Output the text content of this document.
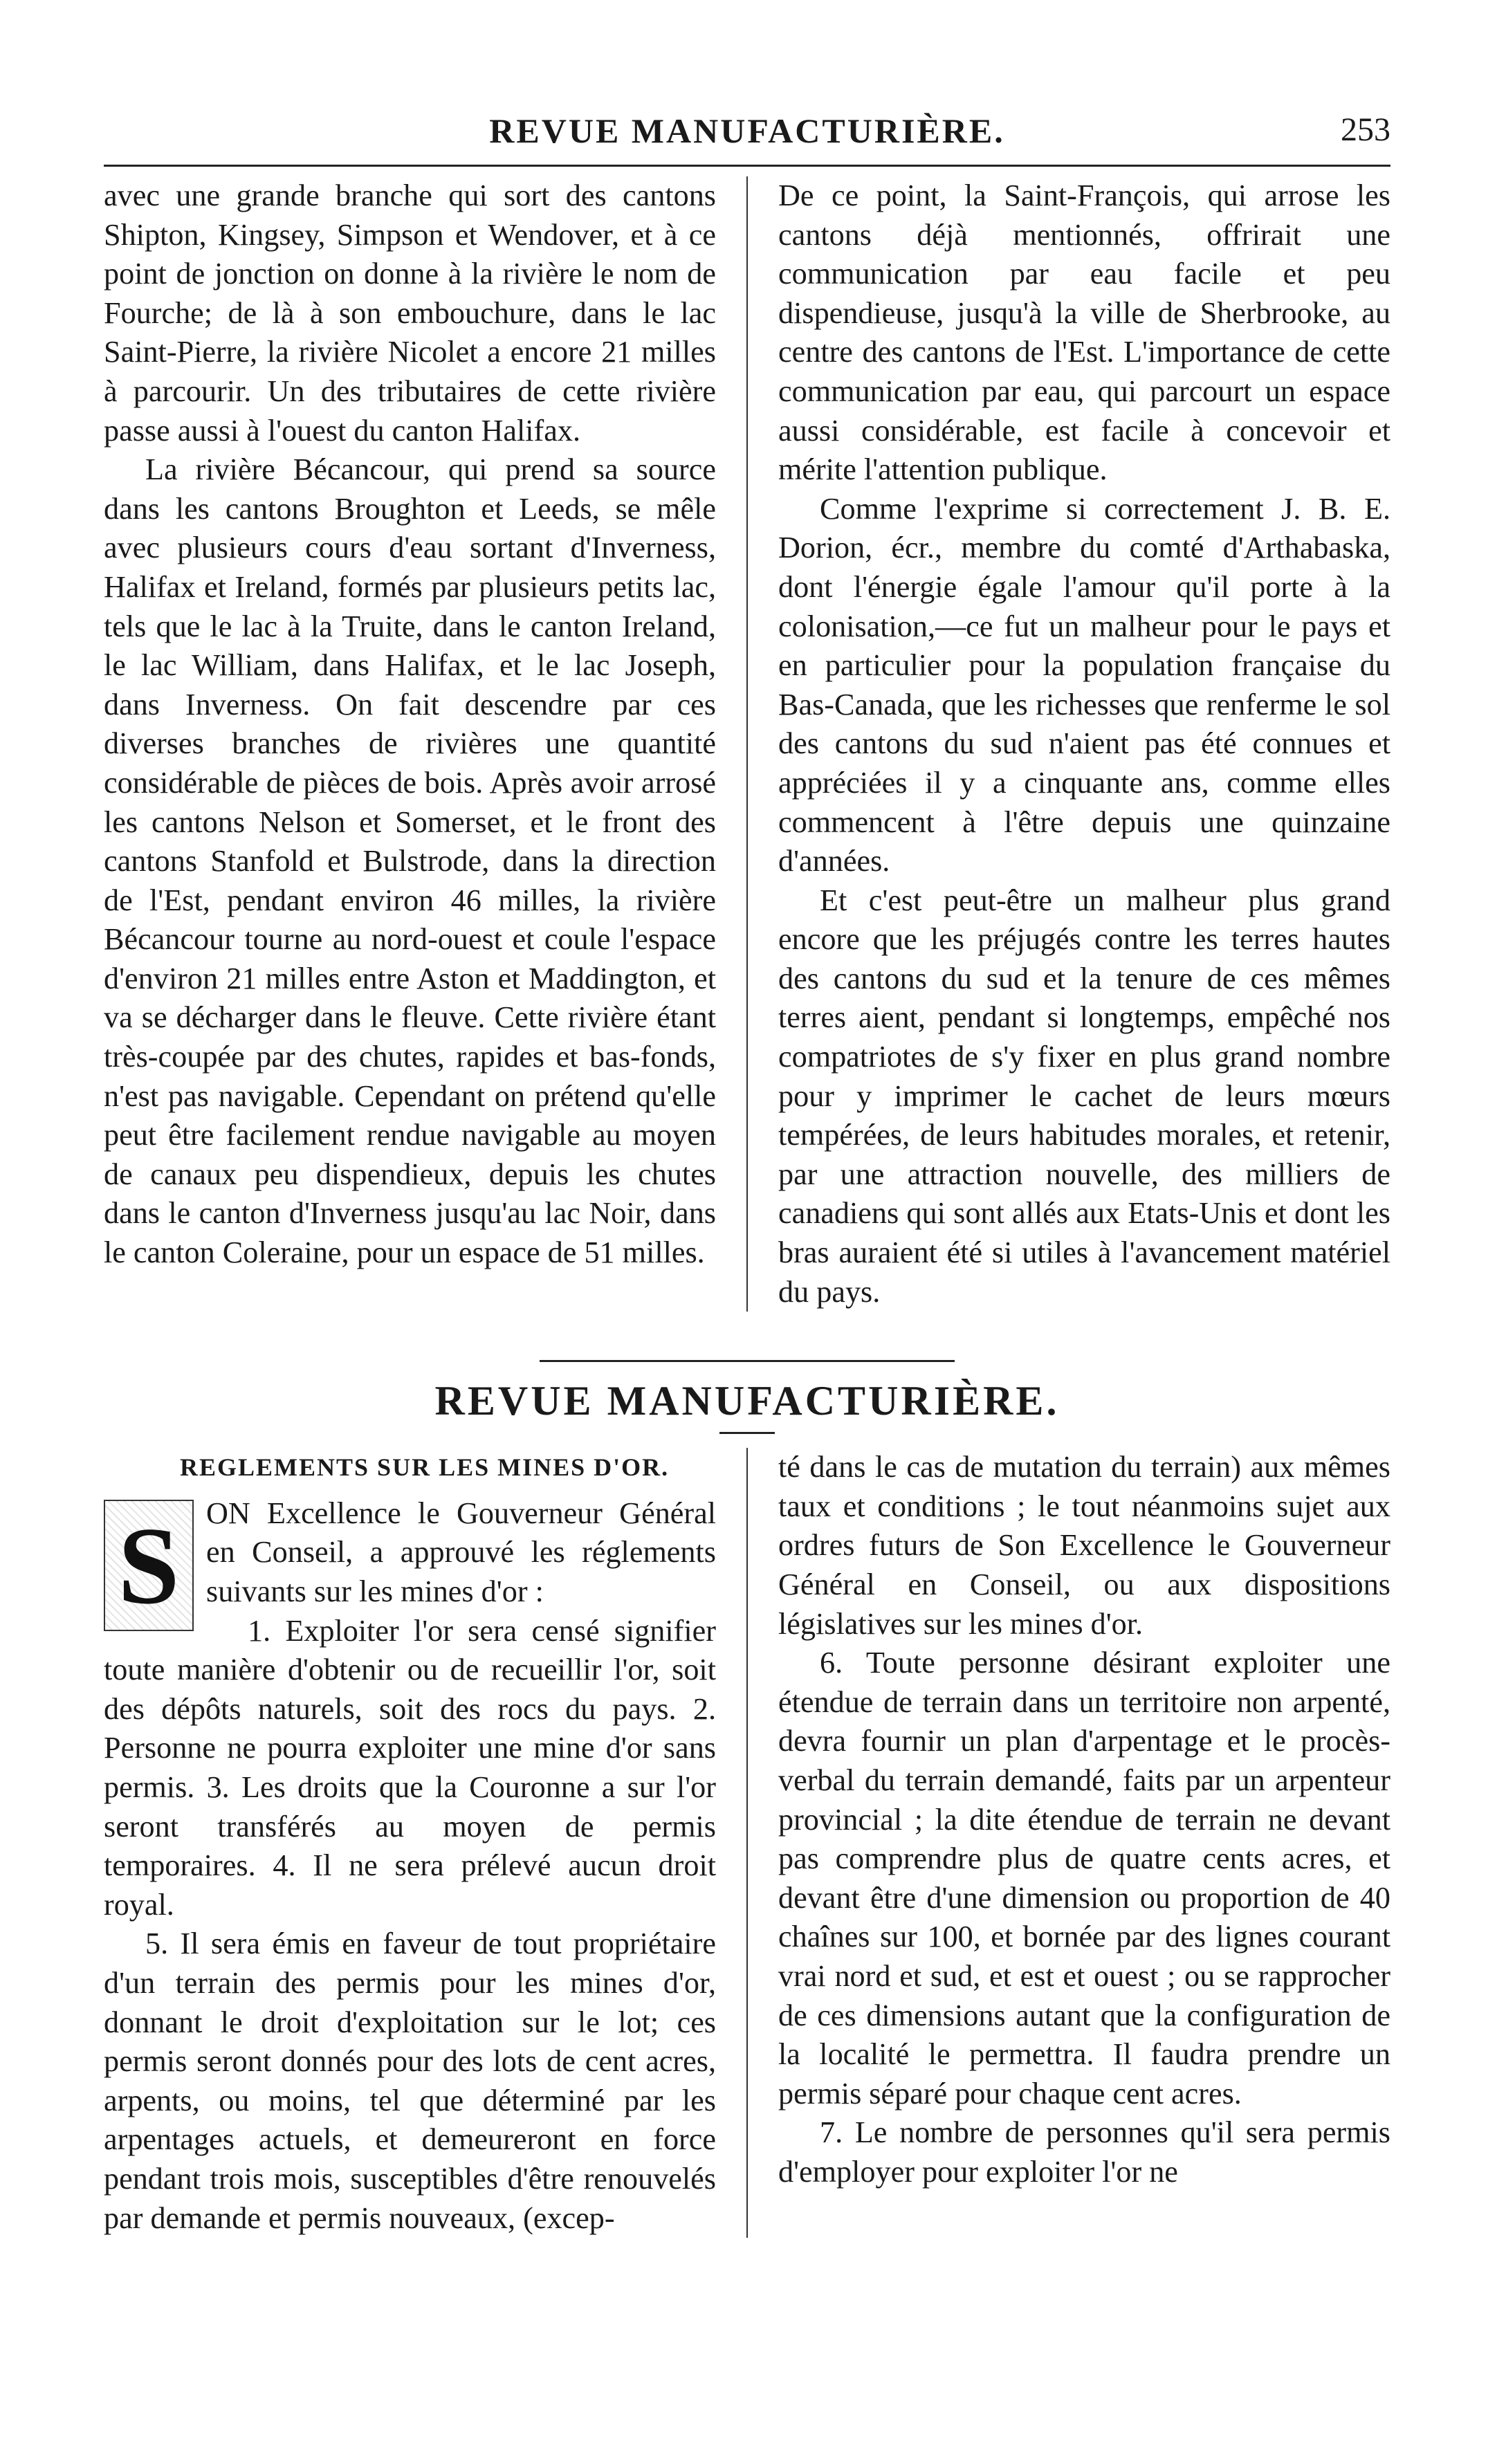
REVUE MANUFACTURIÈRE.	253

avec une grande branche qui sort des cantons Shipton, Kingsey, Simpson et Wendover, et à ce point de jonction on donne à la rivière le nom de Fourche; de là à son embouchure, dans le lac Saint-Pierre, la rivière Nicolet a encore 21 milles à parcourir. Un des tributaires de cette rivière passe aussi à l'ouest du canton Halifax.

La rivière Bécancour, qui prend sa source dans les cantons Broughton et Leeds, se mêle avec plusieurs cours d'eau sortant d'Inverness, Halifax et Ireland, formés par plusieurs petits lac, tels que le lac à la Truite, dans le canton Ireland, le lac William, dans Halifax, et le lac Joseph, dans Inverness. On fait descendre par ces diverses branches de rivières une quantité considérable de pièces de bois. Après avoir arrosé les cantons Nelson et Somerset, et le front des cantons Stanfold et Bulstrode, dans la direction de l'Est, pendant environ 46 milles, la rivière Bécancour tourne au nord-ouest et coule l'espace d'environ 21 milles entre Aston et Maddington, et va se décharger dans le fleuve. Cette rivière étant très-coupée par des chutes, rapides et bas-fonds, n'est pas navigable. Cependant on prétend qu'elle peut être facilement rendue navigable au moyen de canaux peu dispendieux, depuis les chutes dans le canton d'Inverness jusqu'au lac Noir, dans le canton Coleraine, pour un espace de 51 milles.

De ce point, la Saint-François, qui arrose les cantons déjà mentionnés, offrirait une communication par eau facile et peu dispendieuse, jusqu'à la ville de Sherbrooke, au centre des cantons de l'Est. L'importance de cette communication par eau, qui parcourt un espace aussi considérable, est facile à concevoir et mérite l'attention publique.

Comme l'exprime si correctement J. B. E. Dorion, écr., membre du comté d'Arthabaska, dont l'énergie égale l'amour qu'il porte à la colonisation,—ce fut un malheur pour le pays et en particulier pour la population française du Bas-Canada, que les richesses que renferme le sol des cantons du sud n'aient pas été connues et appréciées il y a cinquante ans, comme elles commencent à l'être depuis une quinzaine d'années.

Et c'est peut-être un malheur plus grand encore que les préjugés contre les terres hautes des cantons du sud et la tenure de ces mêmes terres aient, pendant si longtemps, empêché nos compatriotes de s'y fixer en plus grand nombre pour y imprimer le cachet de leurs mœurs tempérées, de leurs habitudes morales, et retenir, par une attraction nouvelle, des milliers de canadiens qui sont allés aux Etats-Unis et dont les bras auraient été si utiles à l'avancement matériel du pays.

REVUE MANUFACTURIÈRE.
REGLEMENTS SUR LES MINES D'OR.
S ON Excellence le Gouverneur Général en Conseil, a approuvé les réglements suivants sur les mines d'or :

1. Exploiter l'or sera censé signifier toute manière d'obtenir ou de recueillir l'or, soit des dépôts naturels, soit des rocs du pays. 2. Personne ne pourra exploiter une mine d'or sans permis. 3. Les droits que la Couronne a sur l'or seront transférés au moyen de permis temporaires. 4. Il ne sera prélevé aucun droit royal.

5. Il sera émis en faveur de tout propriétaire d'un terrain des permis pour les mines d'or, donnant le droit d'exploitation sur le lot; ces permis seront donnés pour des lots de cent acres, arpents, ou moins, tel que déterminé par les arpentages actuels, et demeureront en force pendant trois mois, susceptibles d'être renouvelés par demande et permis nouveaux, (excep-

té dans le cas de mutation du terrain) aux mêmes taux et conditions ; le tout néanmoins sujet aux ordres futurs de Son Excellence le Gouverneur Général en Conseil, ou aux dispositions législatives sur les mines d'or.

6. Toute personne désirant exploiter une étendue de terrain dans un territoire non arpenté, devra fournir un plan d'arpentage et le procès-verbal du terrain demandé, faits par un arpenteur provincial ; la dite étendue de terrain ne devant pas comprendre plus de quatre cents acres, et devant être d'une dimension ou proportion de 40 chaînes sur 100, et bornée par des lignes courant vrai nord et sud, et est et ouest ; ou se rapprocher de ces dimensions autant que la configuration de la localité le permettra. Il faudra prendre un permis séparé pour chaque cent acres.

7. Le nombre de personnes qu'il sera permis d'employer pour exploiter l'or ne
